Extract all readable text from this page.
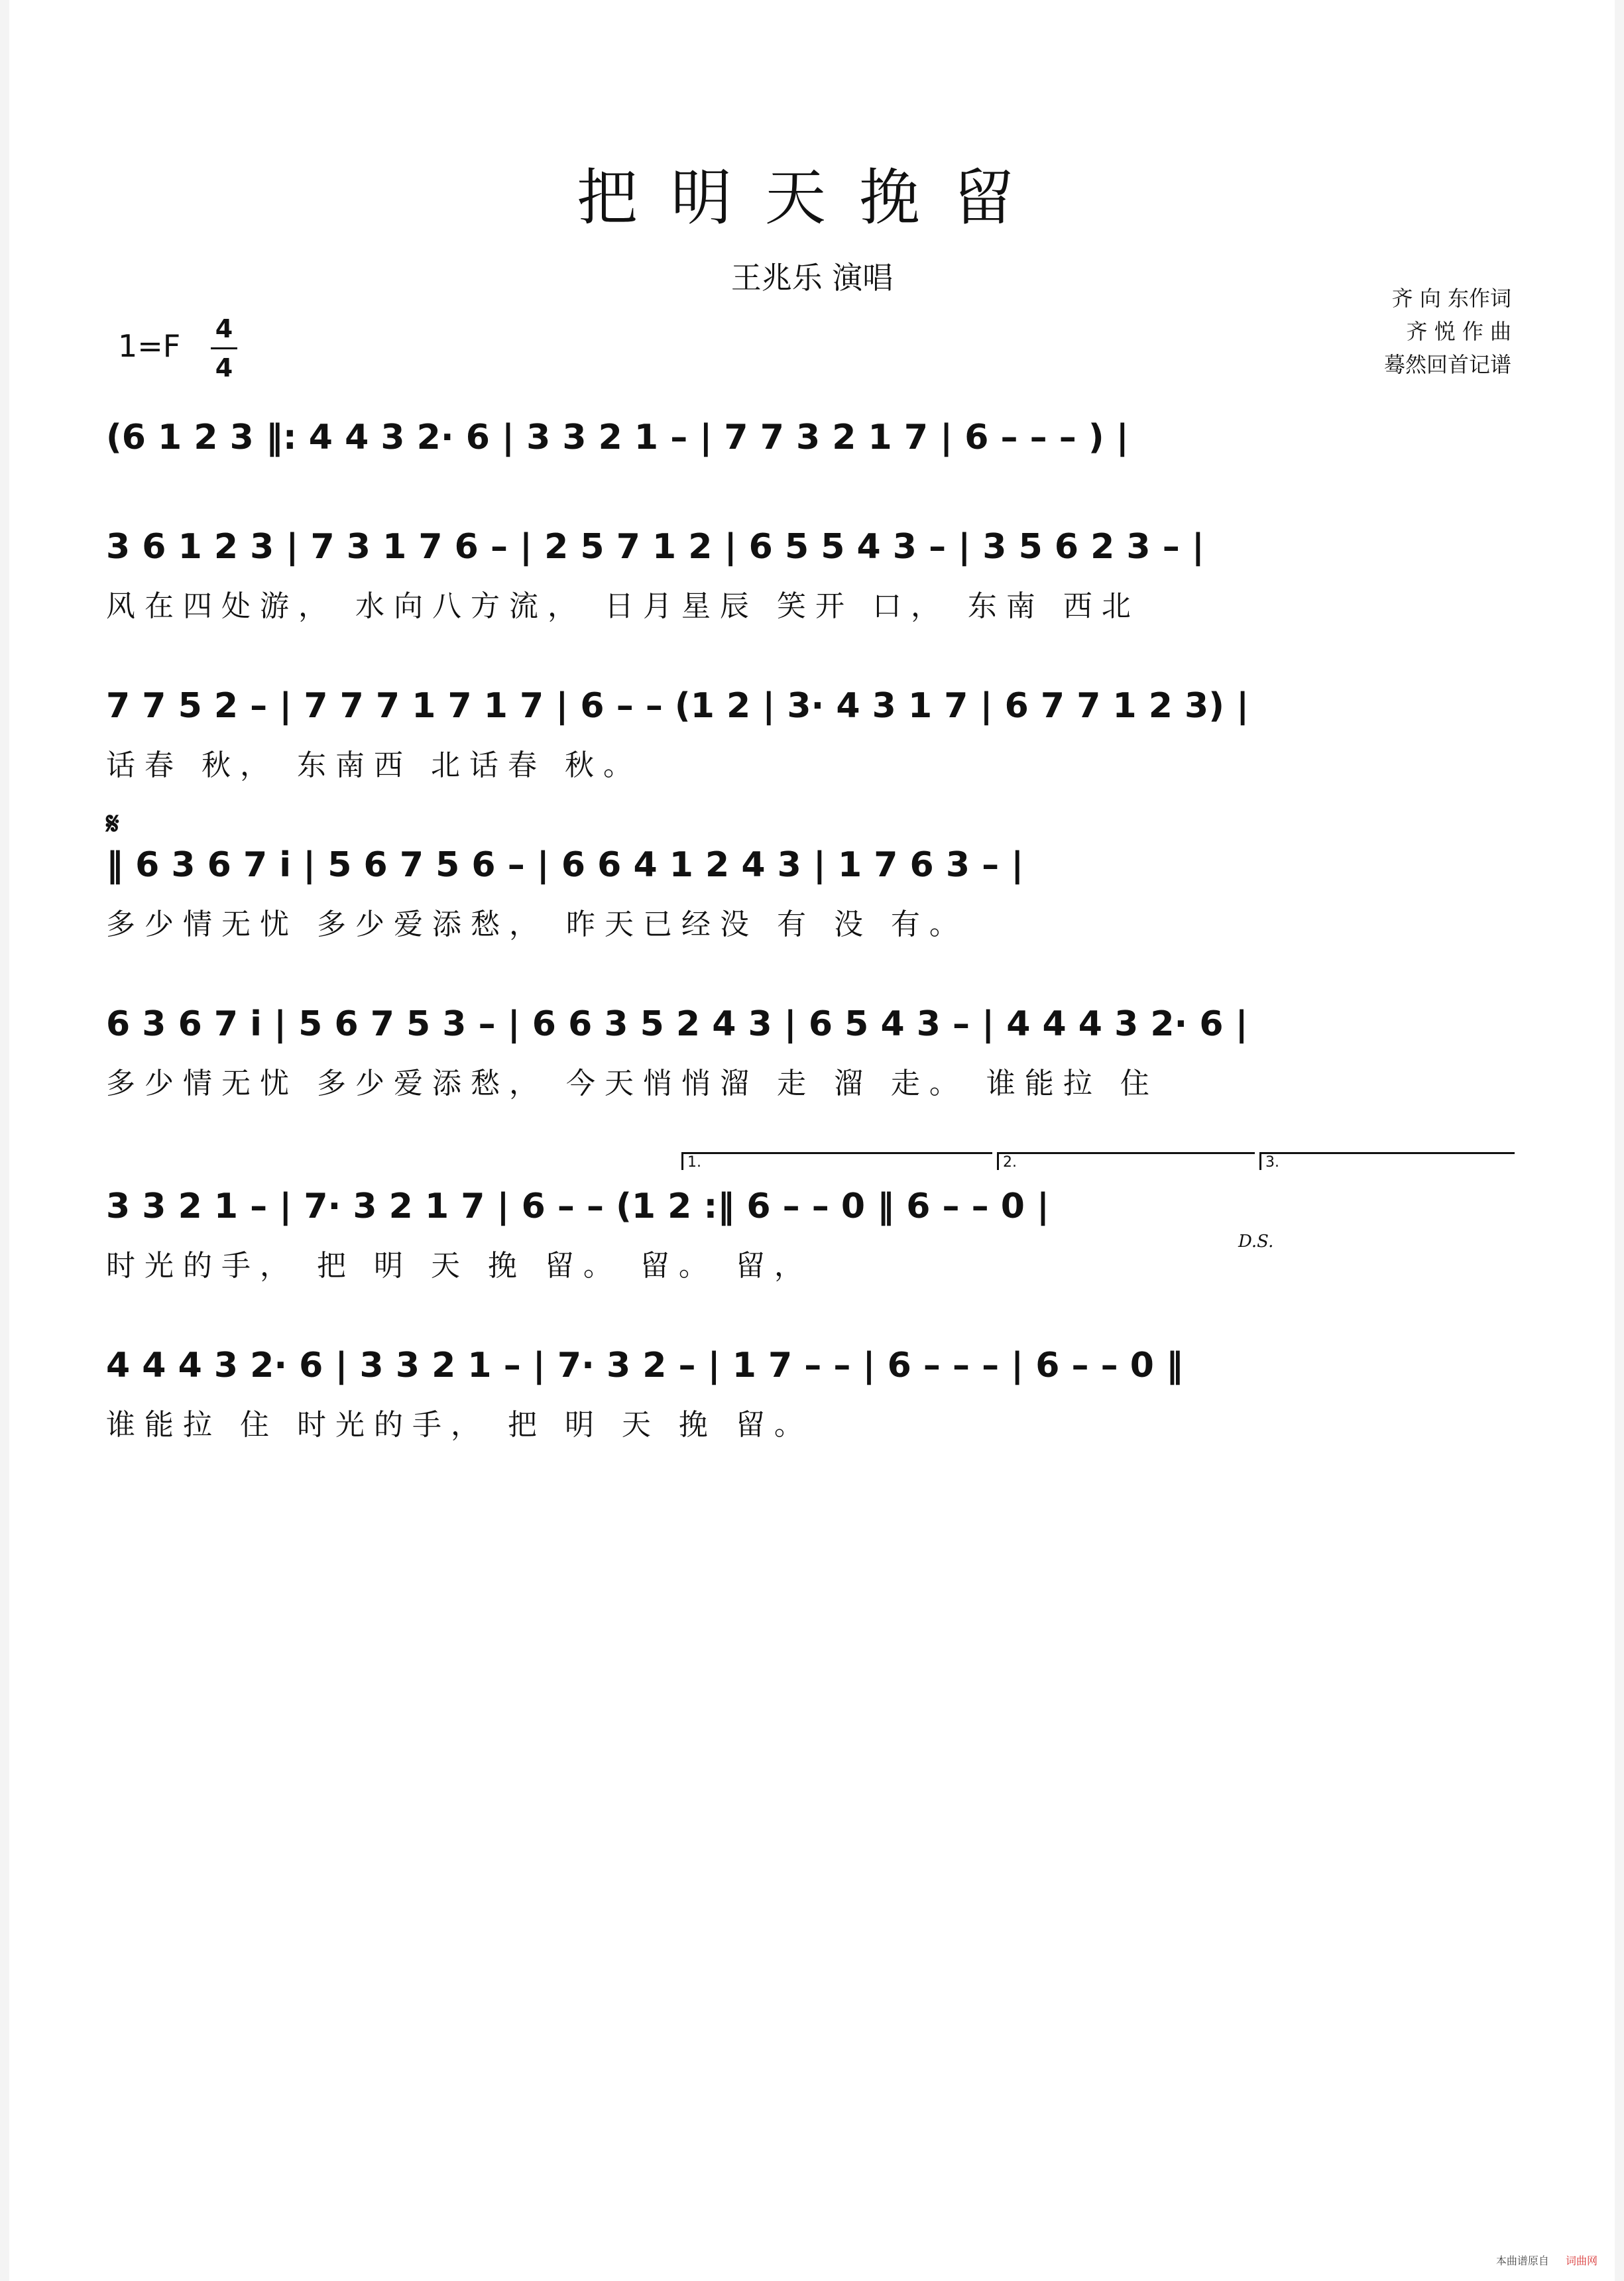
把明天挽留
王兆乐 演唱
齐 向 东作词
齐 悦 作 曲
蓦然回首记谱
$1=F \frac{4}{4}$
(6 1 2 3 ‖: 4 4 3 2· 6 | 3 3 2 1 – | 7 7 3 2 1 7 | 6 – – – ) |
3 6 1 2 3 | 7 3 1 7 6 – | 2 5 7 1 2 | 6 5 5 4 3 – | 3 5 6 2 3 – |
风在四处游， 水向八方流， 日月星辰 笑开 口， 东南 西北
7 7 5 2 – | 7 7 7 1 7 1 7 | 6 – – (1 2 | 3· 4 3 1 7 | 6 7 7 1 2 3) |
话春 秋， 东南西 北话春 秋。
𝄋
‖ 6 3 6 7 i | 5 6 7 5 6 – | 6 6 4 1 2 4 3 | 1 7 6 3 – |
多少情无忧 多少爱添愁， 昨天已经没 有 没 有。
6 3 6 7 i | 5 6 7 5 3 – | 6 6 3 5 2 4 3 | 6 5 4 3 – | 4 4 4 3 2· 6 |
多少情无忧 多少爱添愁， 今天悄悄溜 走 溜 走。 谁能拉 住
1.	2.	3.
3 3 2 1 – | 7· 3 2 1 7 | 6 – – (1 2 :‖ 6 – – 0 ‖ 6 – – 0 |
时光的手， 把 明 天 挽 留。 留。 留，
D.S.
4 4 4 3 2· 6 | 3 3 2 1 – | 7· 3 2 – | 1 7 – – | 6 – – – | 6 – – 0 ‖
谁能拉 住 时光的手， 把 明 天 挽 留。
本曲谱原自 词曲网
